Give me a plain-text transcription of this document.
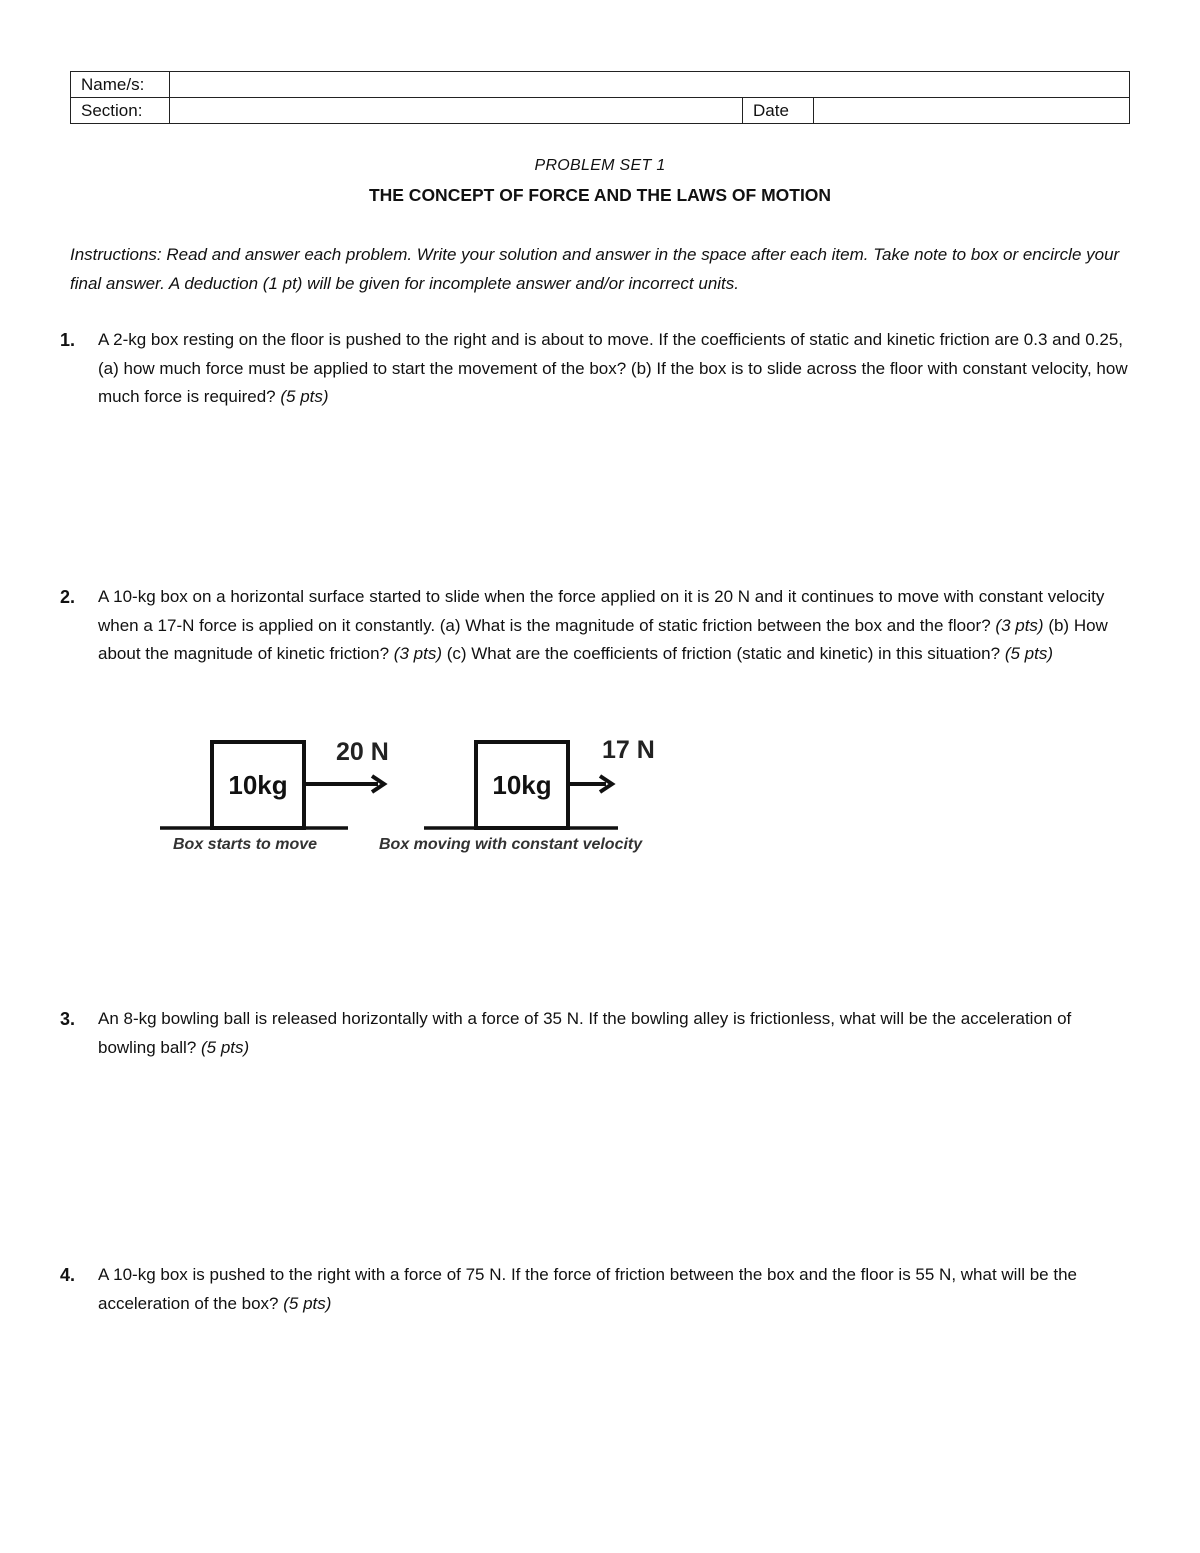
Name/s:			
Section:		Date	
PROBLEM SET 1
THE CONCEPT OF FORCE AND THE LAWS OF MOTION
Instructions: Read and answer each problem. Write your solution and answer in the space after each item. Take note to box or encircle your final answer. A deduction (1 pt) will be given for incomplete answer and/or incorrect units.
1. A 2-kg box resting on the floor is pushed to the right and is about to move. If the coefficients of static and kinetic friction are 0.3 and 0.25, (a) how much force must be applied to start the movement of the box? (b) If the box is to slide across the floor with constant velocity, how much force is required? (5 pts)
2. A 10-kg box on a horizontal surface started to slide when the force applied on it is 20 N and it continues to move with constant velocity when a 17-N force is applied on it constantly. (a) What is the magnitude of static friction between the box and the floor? (3 pts) (b) How about the magnitude of kinetic friction? (3 pts) (c) What are the coefficients of friction (static and kinetic) in this situation? (5 pts)
10kg
20 N
Box starts to move
10kg
17 N
Box moving with constant velocity
3. An 8-kg bowling ball is released horizontally with a force of 35 N. If the bowling alley is frictionless, what will be the acceleration of bowling ball? (5 pts)
4. A 10-kg box is pushed to the right with a force of 75 N. If the force of friction between the box and the floor is 55 N, what will be the acceleration of the box? (5 pts)
